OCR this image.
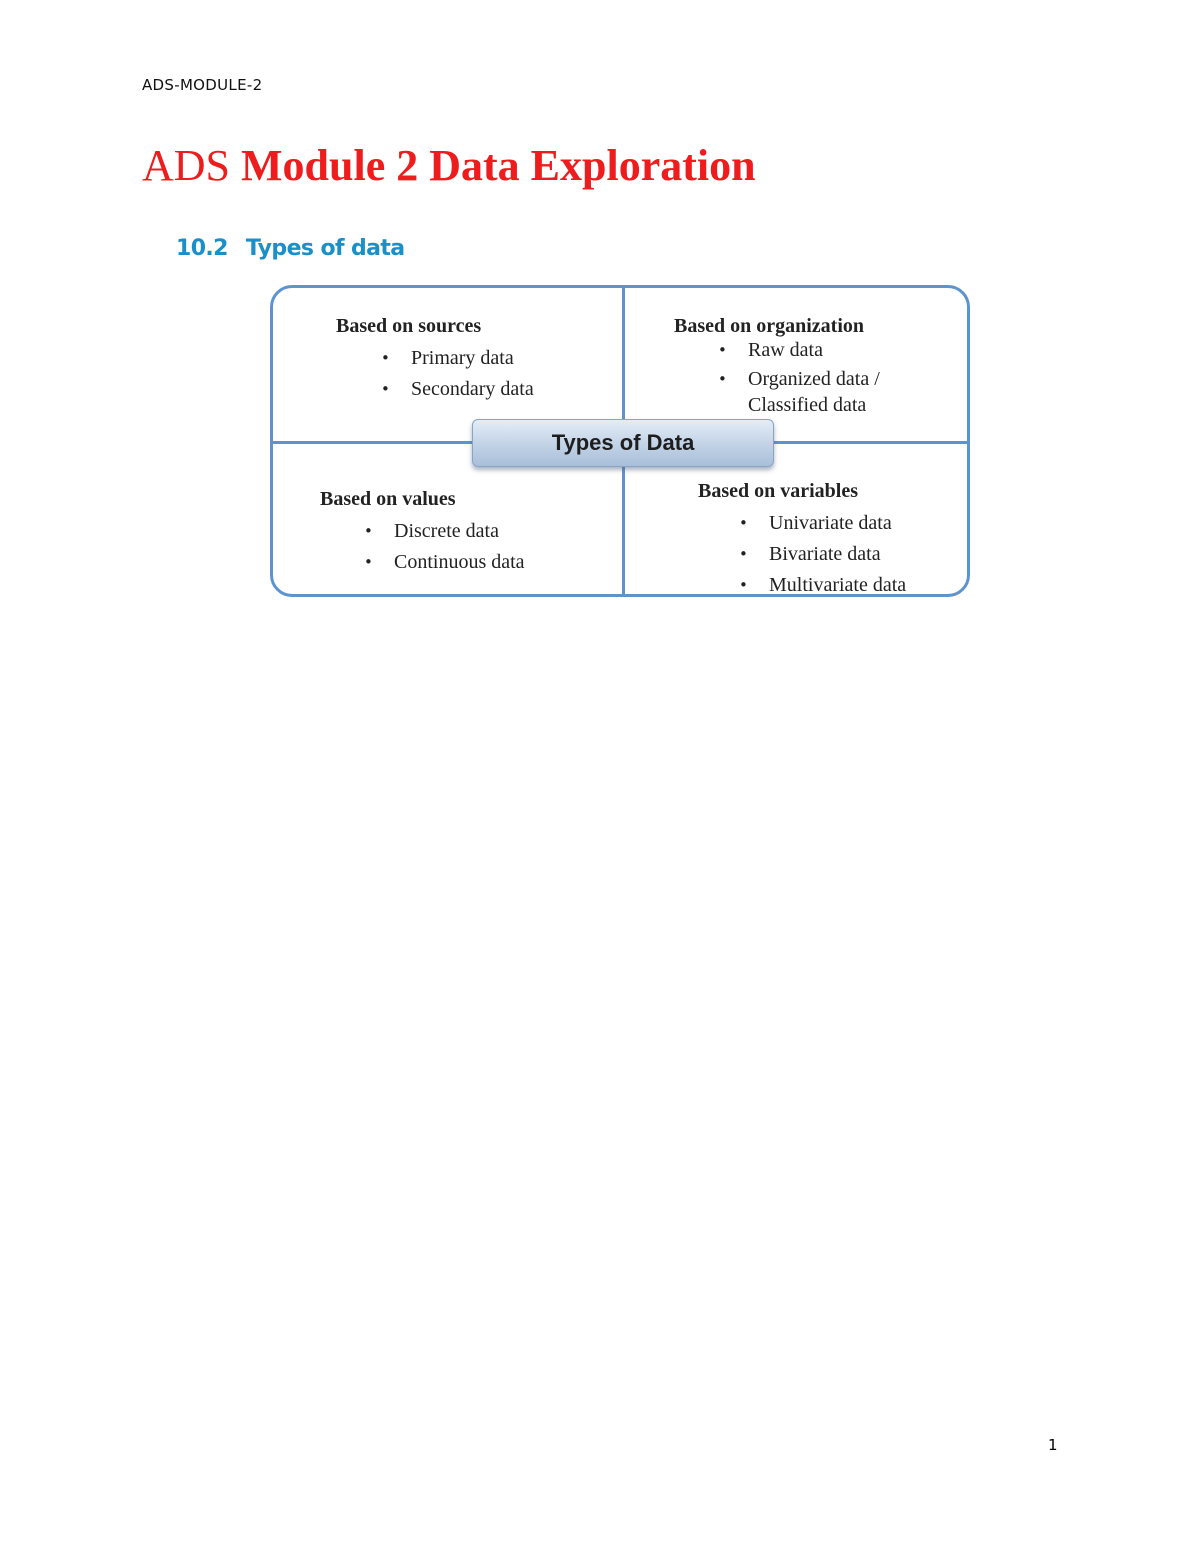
ADS-MODULE-2
ADS Module 2 Data Exploration
10.2 Types of data
Based on sources
• Primary data
• Secondary data
Based on organization
• Raw data
• Organized data / Classified data
Based on values
• Discrete data
• Continuous data
Based on variables
• Univariate data
• Bivariate data
• Multivariate data
Types of Data
1
